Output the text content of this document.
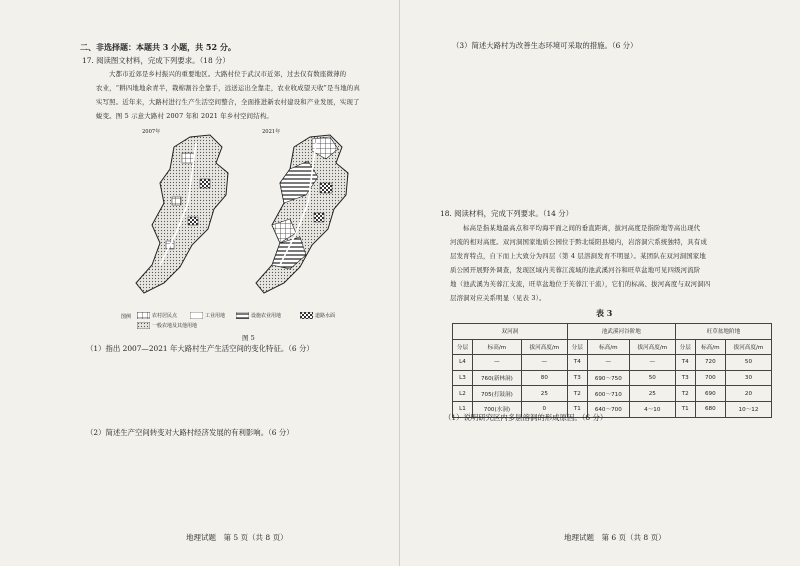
二、非选择题：本题共 3 小题，共 52 分。
17. 阅读图文材料，完成下列要求。（18 分）
大都市近郊是乡村振兴的重要地区。大路村位于武汉市近郊，过去仅有数座微薄的
农业，“耕四地地余青半，栽棉割谷全靠手，远送运出全靠走，农业收成望天收”是当地的真
实写照。近年来，大路村进行生产生活空间整合，全面推进新农村建设和产业发展，实现了
蜕变。图 5 示意大路村 2007 年和 2021 年乡村空间结构。
2007年	2021年
图例	农村居民点	工业用地	设施农业用地	道路水面
一般农地及其他用地
图 5
（1）指出 2007—2021 年大路村生产生活空间的变化特征。（6 分）
（2）简述生产空间转变对大路村经济发展的有利影响。（6 分）
地理试题　第 5 页（共 8 页）
（3）简述大路村为改善生态环境可采取的措施。（6 分）
18. 阅读材料，完成下列要求。（14 分）
标高是指某地最高点和平均海平面之间的垂直距离，拔河高度是指阶地等高出现代
河流的相对高度。双河洞国家地质公园位于黔北绥阳县境内，岩溶洞穴系统独特，具有成
层发育特点，自下而上大致分为四层（第 4 层溶洞发育不明显）。某团队在双河洞国家地
质公园开展野外调查，发现区域内芙蓉江流域的池武溪河谷和旺草盆地可见四级河流阶
地（池武溪为芙蓉江支流，旺草盆地位于芙蓉江干流），它们的标高、拔河高度与双河洞四
层溶洞对应关系明显（见表 3）。
表 3
双河洞			池武溪河谷阶地			旺草盆地阶地		
分层	标高/m	拔河高度/m	分层	标高/m	拔河高度/m	分层	标高/m	拔河高度/m
L4	—	—	T4	—	—	T4	720	50
L3	760(新林洞)	80	T3	690～750	50	T3	700	30
L2	705(打鼓洞)	25	T2	600～710	25	T2	690	20
L1	700(水洞)	0	T1	640～700	4～10	T1	680	10～12
（1）说明研究区内多层溶洞的形成原因。（6 分）
地理试题　第 6 页（共 8 页）
